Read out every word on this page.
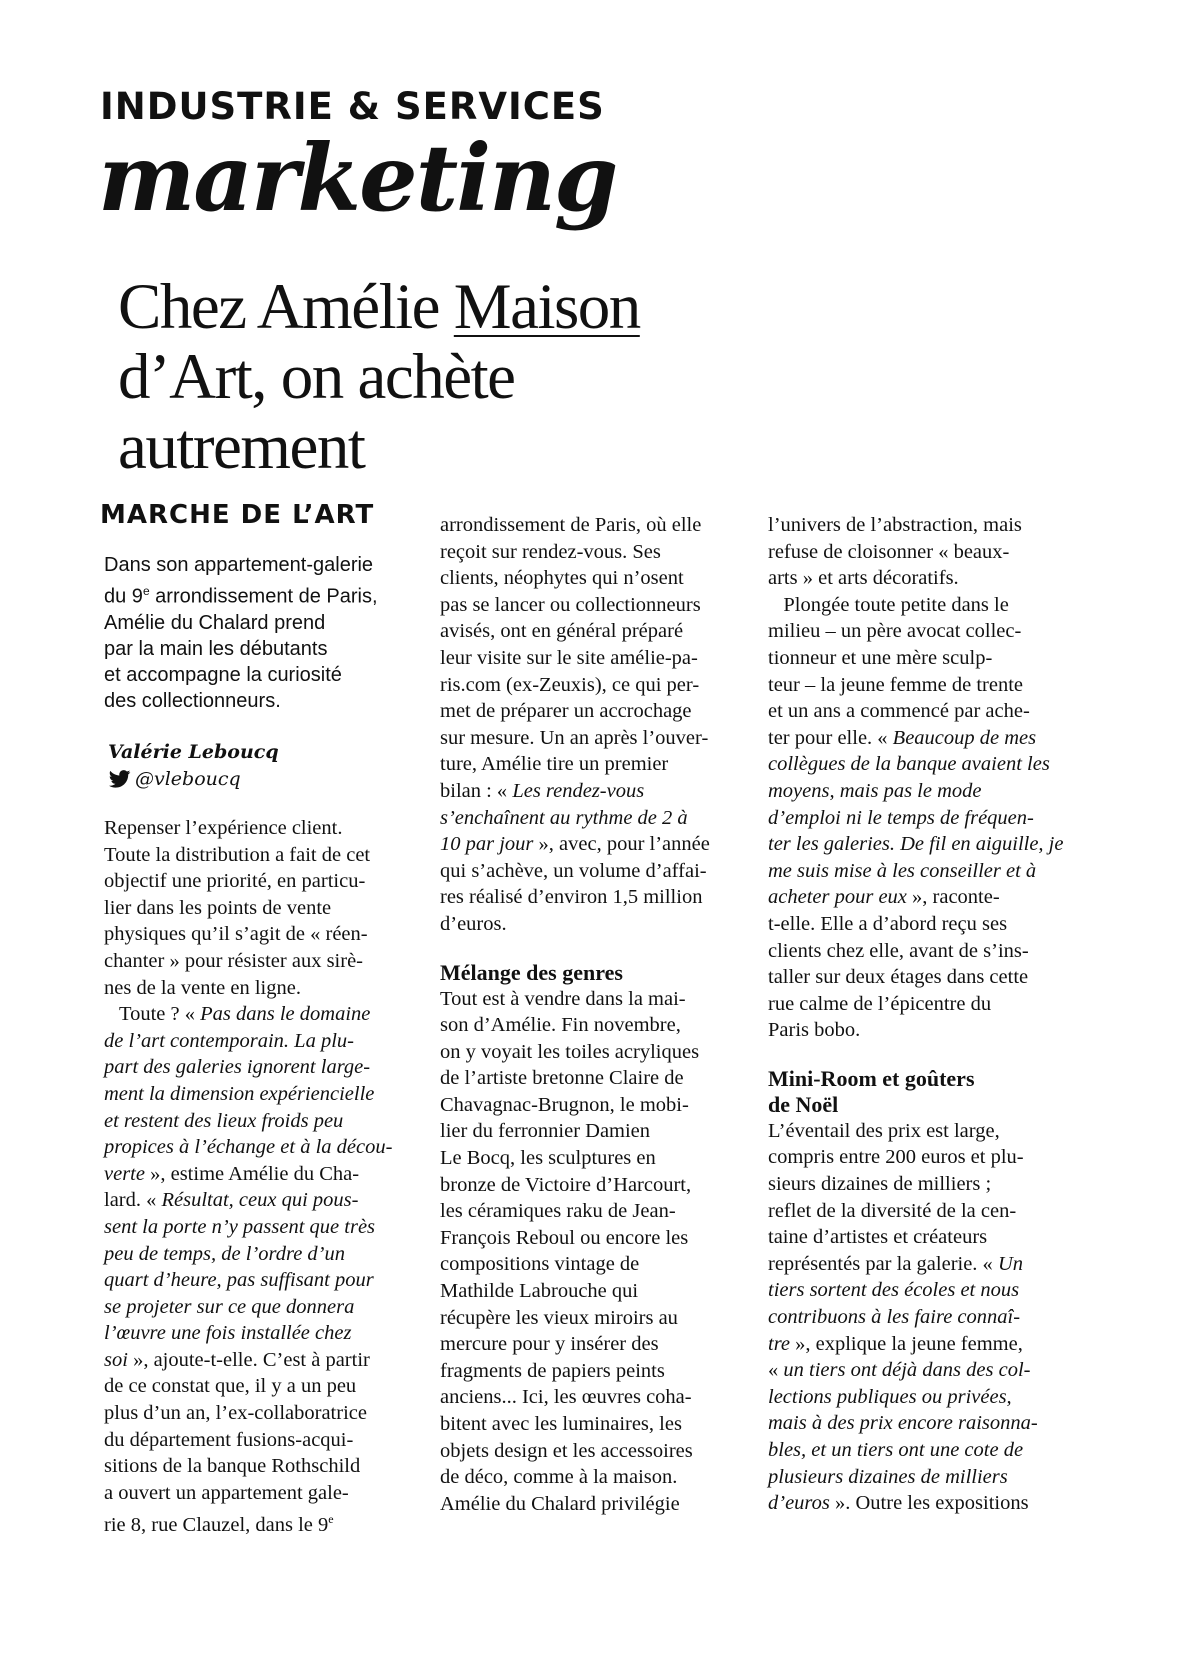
INDUSTRIE & SERVICES
marketing
Chez Amélie Maison
d’Art, on achète
autrement
MARCHE DE L’ART
Dans son appartement-galerie
du 9e arrondissement de Paris,
Amélie du Chalard prend
par la main les débutants
et accompagne la curiosité
des collectionneurs.
Valérie Leboucq
@vleboucq
Repenser l’expérience client.
Toute la distribution a fait de cet
objectif une priorité, en particu-
lier dans les points de vente
physiques qu’il s’agit de « réen-
chanter » pour résister aux sirè-
nes de la vente en ligne.
Toute ? « Pas dans le domaine
de l’art contemporain. La plu-
part des galeries ignorent large-
ment la dimension expériencielle
et restent des lieux froids peu
propices à l’échange et à la décou-
verte », estime Amélie du Cha-
lard. « Résultat, ceux qui pous-
sent la porte n’y passent que très
peu de temps, de l’ordre d’un
quart d’heure, pas suffisant pour
se projeter sur ce que donnera
l’œuvre une fois installée chez
soi », ajoute-t-elle. C’est à partir
de ce constat que, il y a un peu
plus d’un an, l’ex-collaboratrice
du département fusions-acqui-
sitions de la banque Rothschild
a ouvert un appartement gale-
rie 8, rue Clauzel, dans le 9e
arrondissement de Paris, où elle
reçoit sur rendez-vous. Ses
clients, néophytes qui n’osent
pas se lancer ou collectionneurs
avisés, ont en général préparé
leur visite sur le site amélie-pa-
ris.com (ex-Zeuxis), ce qui per-
met de préparer un accrochage
sur mesure. Un an après l’ouver-
ture, Amélie tire un premier
bilan : « Les rendez-vous
s’enchaînent au rythme de 2 à
10 par jour », avec, pour l’année
qui s’achève, un volume d’affai-
res réalisé d’environ 1,5 million
d’euros.
Mélange des genres
Tout est à vendre dans la mai-
son d’Amélie. Fin novembre,
on y voyait les toiles acryliques
de l’artiste bretonne Claire de
Chavagnac-Brugnon, le mobi-
lier du ferronnier Damien
Le Bocq, les sculptures en
bronze de Victoire d’Harcourt,
les céramiques raku de Jean-
François Reboul ou encore les
compositions vintage de
Mathilde Labrouche qui
récupère les vieux miroirs au
mercure pour y insérer des
fragments de papiers peints
anciens... Ici, les œuvres coha-
bitent avec les luminaires, les
objets design et les accessoires
de déco, comme à la maison.
Amélie du Chalard privilégie
l’univers de l’abstraction, mais
refuse de cloisonner « beaux-
arts » et arts décoratifs.
Plongée toute petite dans le
milieu – un père avocat collec-
tionneur et une mère sculp-
teur – la jeune femme de trente
et un ans a commencé par ache-
ter pour elle. « Beaucoup de mes
collègues de la banque avaient les
moyens, mais pas le mode
d’emploi ni le temps de fréquen-
ter les galeries. De fil en aiguille, je
me suis mise à les conseiller et à
acheter pour eux », raconte-
t-elle. Elle a d’abord reçu ses
clients chez elle, avant de s’ins-
taller sur deux étages dans cette
rue calme de l’épicentre du
Paris bobo.
Mini-Room et goûters
de Noël
L’éventail des prix est large,
compris entre 200 euros et plu-
sieurs dizaines de milliers ;
reflet de la diversité de la cen-
taine d’artistes et créateurs
représentés par la galerie. « Un
tiers sortent des écoles et nous
contribuons à les faire connaî-
tre », explique la jeune femme,
« un tiers ont déjà dans des col-
lections publiques ou privées,
mais à des prix encore raisonna-
bles, et un tiers ont une cote de
plusieurs dizaines de milliers
d’euros ». Outre les expositions
